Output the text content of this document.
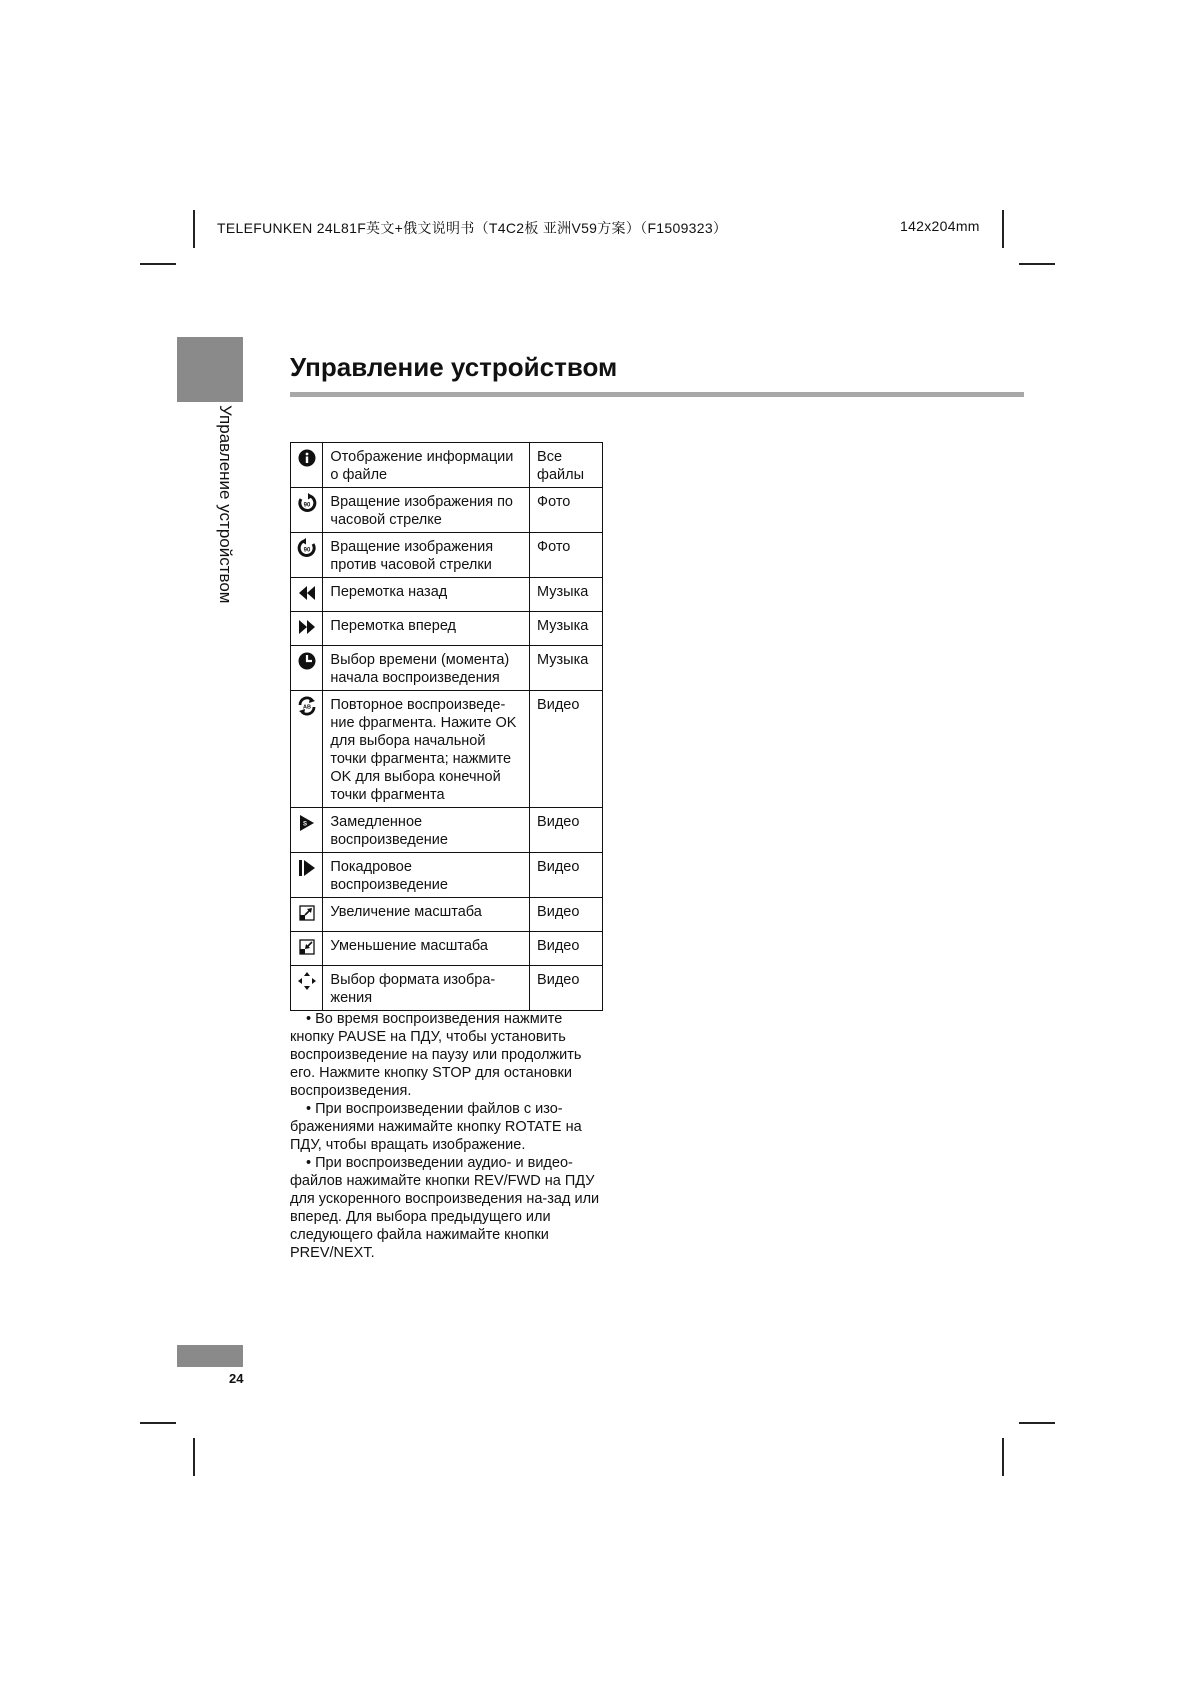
TELEFUNKEN 24L81F英文+俄文说明书（T4C2板 亚洲V59方案）（F1509323）	142x204mm
Управление устройством
Управление устройством
	Отображение информации о файле	Все файлы

90	Вращение изображения по часовой стрелке	Фото

90	Вращение изображения против часовой стрелки	Фото
	Перемотка назад	Музыка
	Перемотка вперед	Музыка
	Выбор времени (момента) начала воспроизведения	Музыка

AB	Повторное воспроизведе-ние фрагмента. Нажите OK для выбора начальной точки фрагмента; нажмите OK для выбора конечной точки фрагмента	Видео

S	Замедленное воспроизведение	Видео
	Покадровое воспроизведение	Видео
	Увеличение масштаба	Видео
	Уменьшение масштаба	Видео
	Выбор формата изобра-жения	Видео

• Во время воспроизведения нажмите кнопку PAUSE на ПДУ, чтобы установить воспроизведение на паузу или продолжить его. Нажмите кнопку STOP для остановки воспроизведения.

• При воспроизведении файлов с изо-бражениями нажимайте кнопку ROTATE на ПДУ, чтобы вращать изображение.

• При воспроизведении аудио- и видео-файлов нажимайте кнопки REV/FWD на ПДУ для ускоренного воспроизведения на-зад или вперед. Для выбора предыдущего или следующего файла нажимайте кнопки PREV/NEXT.

24
